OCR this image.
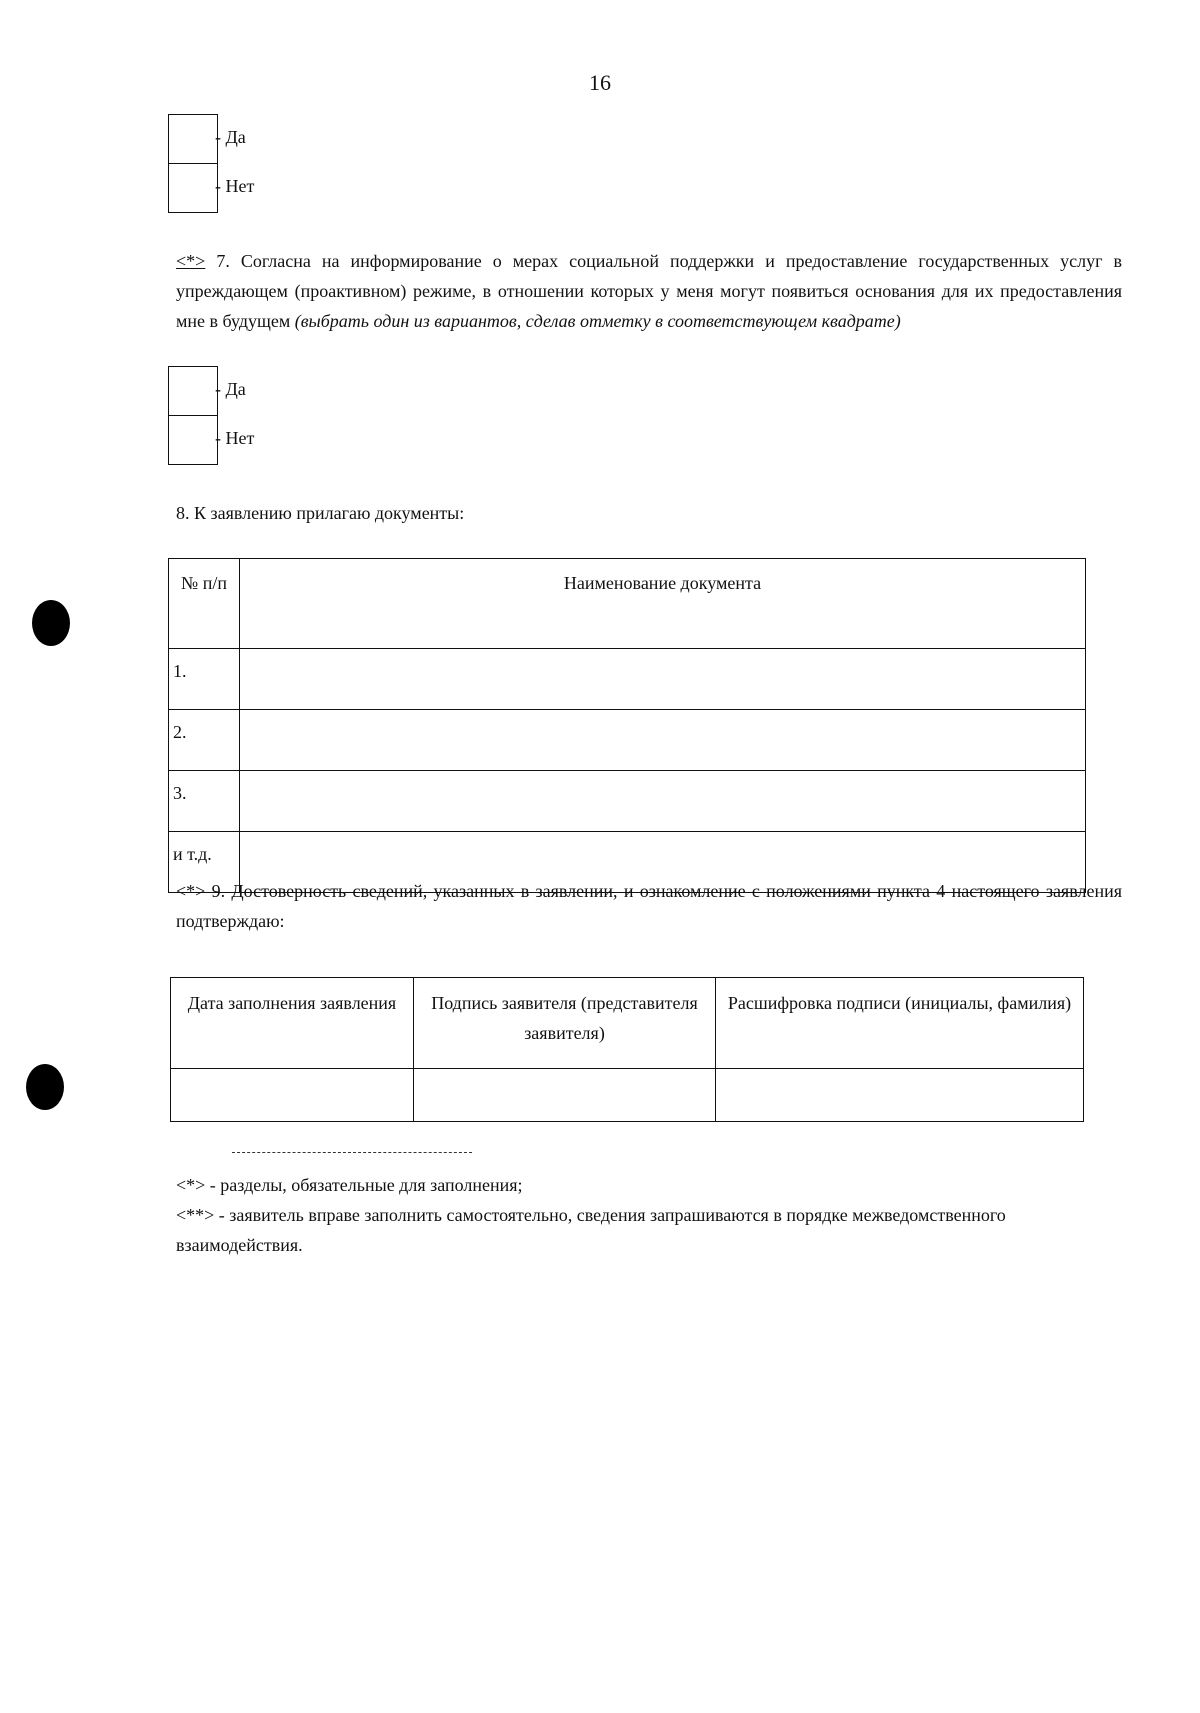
16
- Да
- Нет
<*> 7. Согласна на информирование о мерах социальной поддержки и предоставление государственных услуг в упреждающем (проактивном) режиме, в отношении которых у меня могут появиться основания для их предоставления мне в будущем (выбрать один из вариантов, сделав отметку в соответствующем квадрате)
- Да
- Нет
8. К заявлению прилагаю документы:
№ п/п	Наименование документа
1.	
2.	
3.	
и т.д.	
<*> 9. Достоверность сведений, указанных в заявлении, и ознакомление с положениями пункта 4 настоящего заявления подтверждаю:
Дата заполнения заявления	Подпись заявителя (представителя заявителя)	Расшифровка подписи (инициалы, фамилия)

<*> - разделы, обязательные для заполнения;
<**> - заявитель вправе заполнить самостоятельно, сведения запрашиваются в порядке межведомственного взаимодействия.
